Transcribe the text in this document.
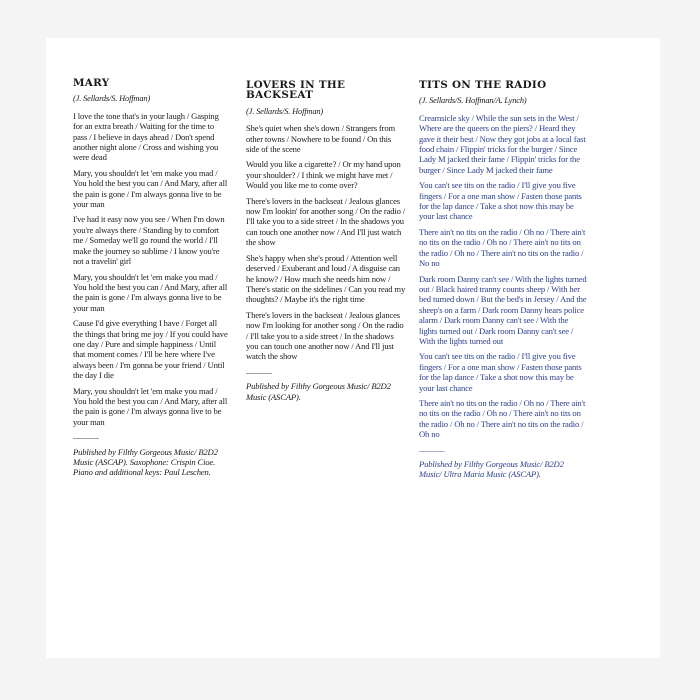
MARY
(J. Sellards/S. Hoffman)
I love the tone that's in your laugh / Gasping for an extra breath / Waiting for the time to pass / I believe in days ahead / Don't spend another night alone / Cross and wishing you were dead
Mary, you shouldn't let 'em make you mad / You hold the best you can / And Mary, after all the pain is gone / I'm always gonna live to be your man
I've had it easy now you see / When I'm down you're always there / Standing by to comfort me / Someday we'll go round the world / I'll make the journey so sublime / I know you're not a travelin' girl
Mary, you shouldn't let 'em make you mad / You hold the best you can / And Mary, after all the pain is gone / I'm always gonna live to be your man
Cause I'd give everything I have / Forget all the things that bring me joy / If you could have one day / Pure and simple happiness / Until that moment comes / I'll be here where I've always been / I'm gonna be your friend / Until the day I die
Mary, you shouldn't let 'em make you mad / You hold the best you can / And Mary, after all the pain is gone / I'm always gonna live to be your man
———
Published by Filthy Gorgeous Music/ B2D2 Music (ASCAP). Saxophone: Crispin Cioe. Piano and additional keys: Paul Leschen.
LOVERS IN THE BACKSEAT
(J. Sellards/S. Hoffman)
She's quiet when she's down / Strangers from other towns / Nowhere to be found / On this side of the scene
Would you like a cigarette? / Or my hand upon your shoulder? / I think we might have met / Would you like me to come over?
There's lovers in the backseat / Jealous glances now I'm lookin' for another song / On the radio / I'll take you to a side street / In the shadows you can touch one another now / And I'll just watch the show
She's happy when she's proud / Attention well deserved / Exuberant and loud / A disguise can he know? / How much she needs him now / There's static on the sidelines / Can you read my thoughts? / Maybe it's the right time
There's lovers in the backseat / Jealous glances now I'm looking for another song / On the radio / I'll take you to a side street / In the shadows you can touch one another now / And I'll just watch the show
———
Published by Filthy Gorgeous Music/ B2D2 Music (ASCAP).
TITS ON THE RADIO
(J. Sellards/S. Hoffman/A. Lynch)
Creamsicle sky / While the sun sets in the West / Where are the queers on the piers? / Heard they gave it their best / Now they got jobs at a local fast food chain / Flippin' tricks for the burger / Since Lady M jacked their fame / Flippin' tricks for the burger / Since Lady M jacked their fame
You can't see tits on the radio / I'll give you five fingers / For a one man show / Fasten those pants for the lap dance / Take a shot now this may be your last chance
There ain't no tits on the radio / Oh no / There ain't no tits on the radio / Oh no / There ain't no tits on the radio / Oh no / There ain't no tits on the radio / No no
Dark room Danny can't see / With the lights turned out / Black haired tranny counts sheep / With her bed turned down / But the bed's in Jersey / And the sheep's on a farm / Dark room Danny hears police alarm / Dark room Danny can't see / With the lights turned out / Dark room Danny can't see / With the lights turned out
You can't see tits on the radio / I'll give you five fingers / For a one man show / Fasten those pants for the lap dance / Take a shot now this may be your last chance
There ain't no tits on the radio / Oh no / There ain't no tits on the radio / Oh no / There ain't no tits on the radio / Oh no / There ain't no tits on the radio / Oh no
———
Published by Filthy Gorgeous Music/ B2D2 Music/ Ultra Maria Music (ASCAP).
